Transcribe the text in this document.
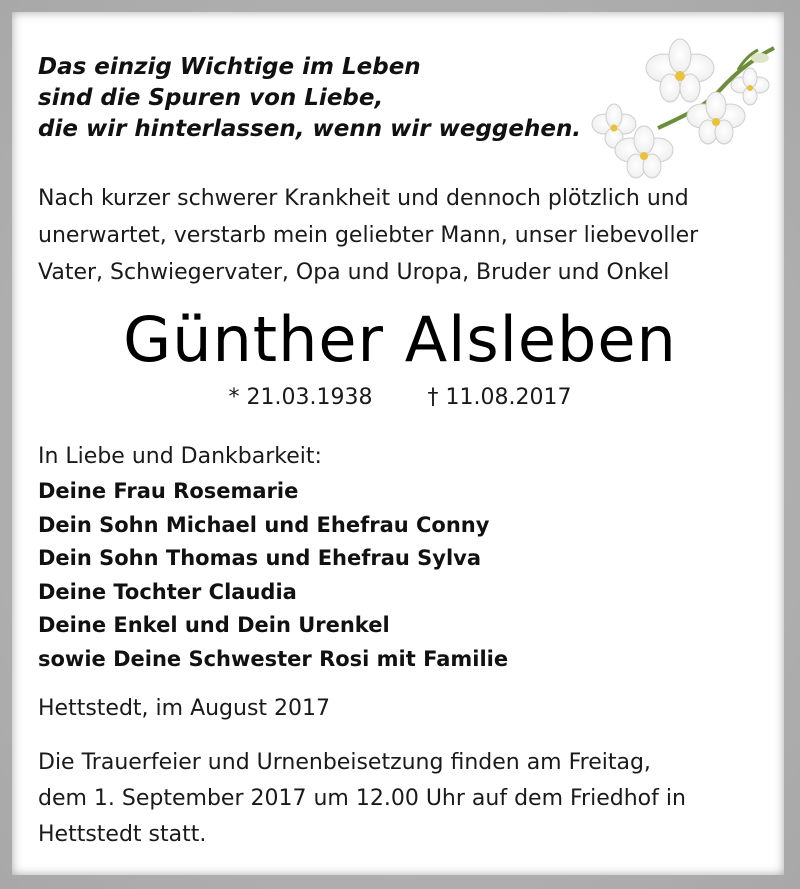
Das einzig Wichtige im Leben
sind die Spuren von Liebe,
die wir hinterlassen, wenn wir weggehen.
Nach kurzer schwerer Krankheit und dennoch plötzlich und
unerwartet, verstarb mein geliebter Mann, unser liebevoller
Vater, Schwiegervater, Opa und Uropa, Bruder und Onkel
Günther Alsleben
* 21.03.1938	† 11.08.2017
In Liebe und Dankbarkeit:
Deine Frau Rosemarie
Dein Sohn Michael und Ehefrau Conny
Dein Sohn Thomas und Ehefrau Sylva
Deine Tochter Claudia
Deine Enkel und Dein Urenkel
sowie Deine Schwester Rosi mit Familie
Hettstedt, im August 2017
Die Trauerfeier und Urnenbeisetzung finden am Freitag,
dem 1. September 2017 um 12.00 Uhr auf dem Friedhof in
Hettstedt statt.
